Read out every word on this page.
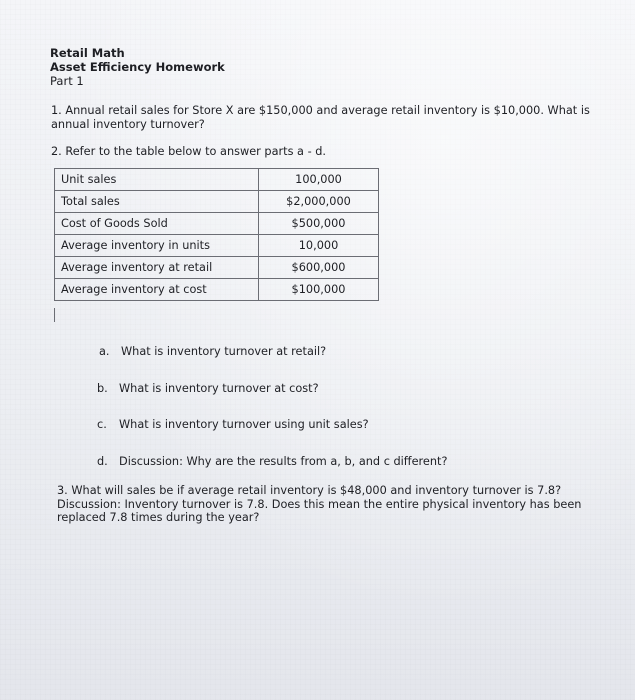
Retail Math
Asset Efficiency Homework
Part 1
1. Annual retail sales for Store X are $150,000 and average retail inventory is $10,000. What is annual inventory turnover?
2. Refer to the table below to answer parts a - d.
Unit sales	100,000
Total sales	$2,000,000
Cost of Goods Sold	$500,000
Average inventory in units	10,000
Average inventory at retail	$600,000
Average inventory at cost	$100,000
a. What is inventory turnover at retail?
b. What is inventory turnover at cost?
c. What is inventory turnover using unit sales?
d. Discussion: Why are the results from a, b, and c different?
3. What will sales be if average retail inventory is $48,000 and inventory turnover is 7.8?
Discussion: Inventory turnover is 7.8. Does this mean the entire physical inventory has been replaced 7.8 times during the year?
